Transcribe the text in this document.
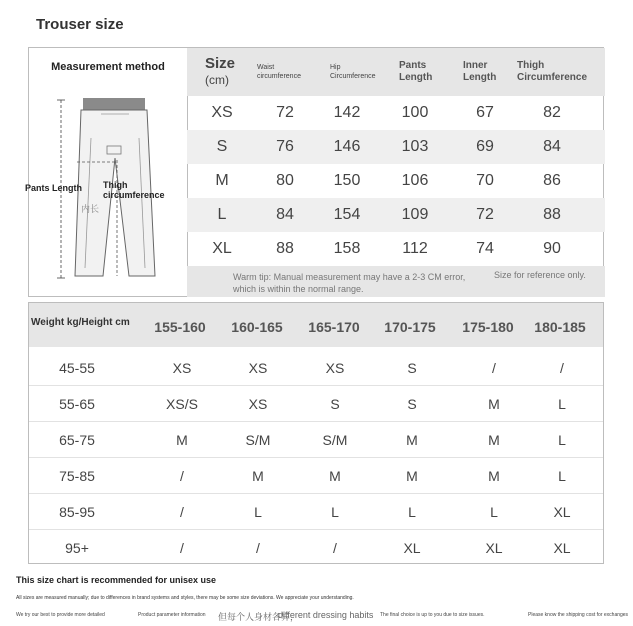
Trouser size
Measurement method
内长
Pants Length Thigh circumference
Size
(cm)
Waist circumference
Hip Circumference
Pants Length
Inner Length
Thigh Circumference
XS	72	142	100	67	82
S	76	146	103	69	84
M	80	150	106	70	86
L	84	154	109	72	88
XL	88	158	112	74	90
Warm tip: Manual measurement may have a 2-3 CM error, which is within the normal range.
Size for reference only.
Weight kg/Height cm	155-160	160-165	165-170	170-175	175-180	180-185
45-55	XS	XS	XS	S	/	/
55-65	XS/S	XS	S	S	M	L
65-75	M	S/M	S/M	M	M	L
75-85	/	M	M	M	M	L
85-95	/	L	L	L	L	XL
95+	/	/	/	XL	XL	XL
This size chart is recommended for unisex use
All sizes are measured manually; due to differences in brand systems and styles, there may be some size deviations. We appreciate your understanding.
We try our best to provide more detailed	Product parameter information 但每个人身材各异，
different dressing habits The final choice is up to you due to size issues.	Please know the shipping cost for exchanges
